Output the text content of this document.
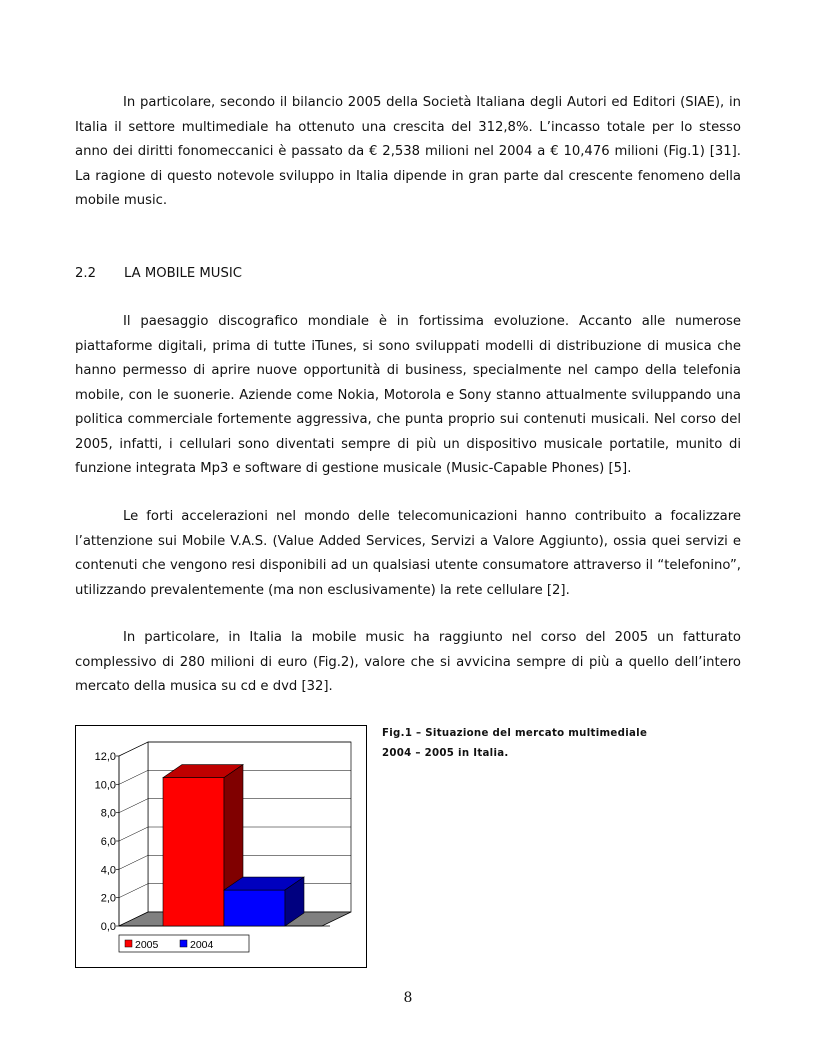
In particolare, secondo il bilancio 2005 della Società Italiana degli Autori ed Editori (SIAE), in Italia il settore multimediale ha ottenuto una crescita del 312,8%. L’incasso totale per lo stesso anno dei diritti fonomeccanici è passato da € 2,538 milioni nel 2004 a € 10,476 milioni (Fig.1) [31]. La ragione di questo notevole sviluppo in Italia dipende in gran parte dal crescente fenomeno della mobile music.

2.2 LA MOBILE MUSIC

Il paesaggio discografico mondiale è in fortissima evoluzione. Accanto alle numerose piattaforme digitali, prima di tutte iTunes, si sono sviluppati modelli di distribuzione di musica che hanno permesso di aprire nuove opportunità di business, specialmente nel campo della telefonia mobile, con le suonerie. Aziende come Nokia, Motorola e Sony stanno attualmente sviluppando una politica commerciale fortemente aggressiva, che punta proprio sui contenuti musicali. Nel corso del 2005, infatti, i cellulari sono diventati sempre di più un dispositivo musicale portatile, munito di funzione integrata Mp3 e software di gestione musicale (Music-Capable Phones) [5].

Le forti accelerazioni nel mondo delle telecomunicazioni hanno contribuito a focalizzare l’attenzione sui Mobile V.A.S. (Value Added Services, Servizi a Valore Aggiunto), ossia quei servizi e contenuti che vengono resi disponibili ad un qualsiasi utente consumatore attraverso il “telefonino”, utilizzando prevalentemente (ma non esclusivamente) la rete cellulare [2].

In particolare, in Italia la mobile music ha raggiunto nel corso del 2005 un fatturato complessivo di 280 milioni di euro (Fig.2), valore che si avvicina sempre di più a quello dell’intero mercato della musica su cd e dvd [32].

0,0
2,0
4,0
6,0
8,0
10,0
12,0
2005	2004
Fig.1 – Situazione del mercato multimediale
2004 – 2005 in Italia.
8
